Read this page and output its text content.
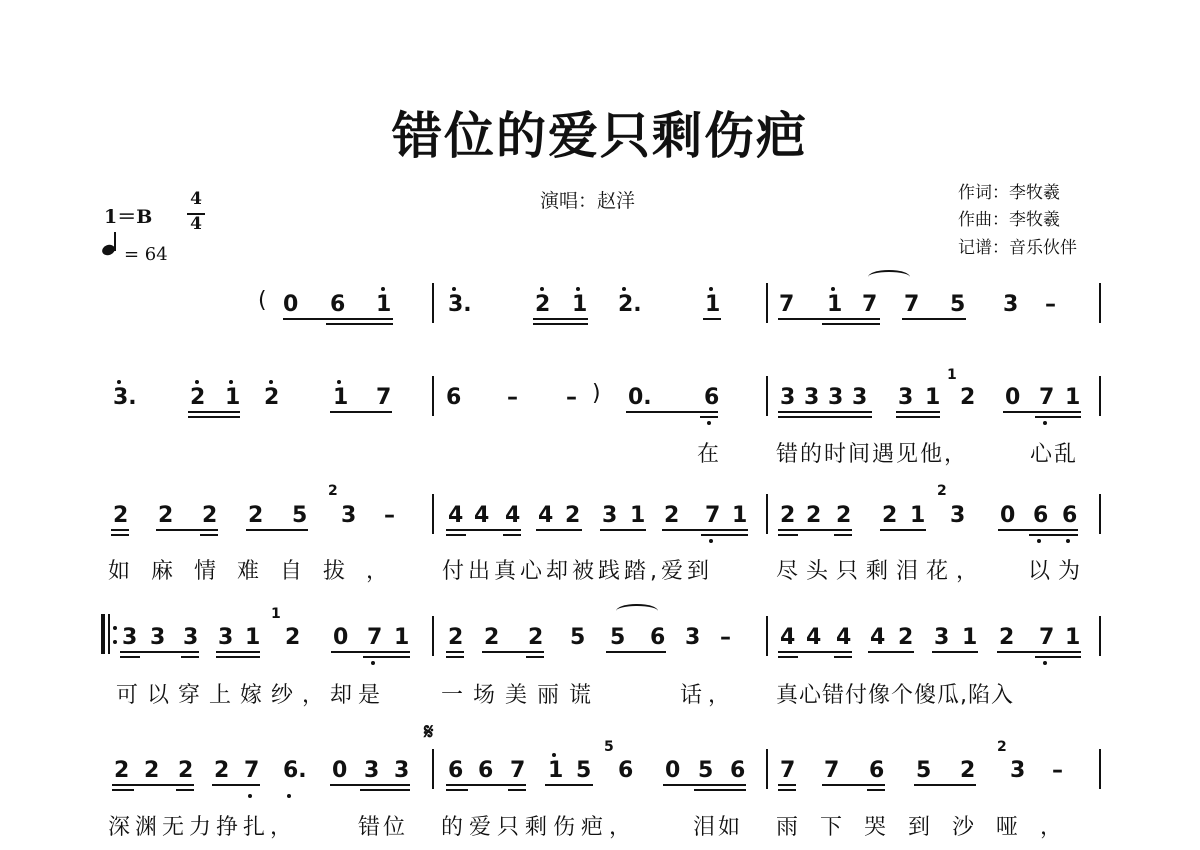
错位的爱只剩伤疤
演唱：赵洋	作词：李牧羲
作曲：李牧羲
记谱：音乐伙伴
1＝B
4
4
= 64
( 0 6 1	3.	2 1 2.	1	7 1 7 7 5 3 –
3. 2 1 2 1 7 6 – – ) 0. 6	3 3 3 3 3 1
1
2 0 7 1
在 错的时间遇见他，	心乱
2 2 2 2 5
2
3 – 4 4 4 4 2 3 1 2 7 1 2 2 2 2 1
2
3 0 6 6
如麻情难自拔， 付出真心却被践踏,爱到	尽头只剩泪花， 以为
3 3 3 3 1
1
2 0 7 1 2 2 2 5 5 6 3 – 4 4 4 4 2 3 1 2 7 1
可以穿上嫁纱，
却是 一场美丽谎	话， 真心错付像个傻瓜,陷入
2 2 2 2 7 6. 0 3 3
𝄋
6 6 7 1 5
5
6 0 5 6 7 7 6 5 2
2
3 –
深渊无力挣扎，	错位 的爱只剩伤疤，	泪如 雨下哭到沙哑，
